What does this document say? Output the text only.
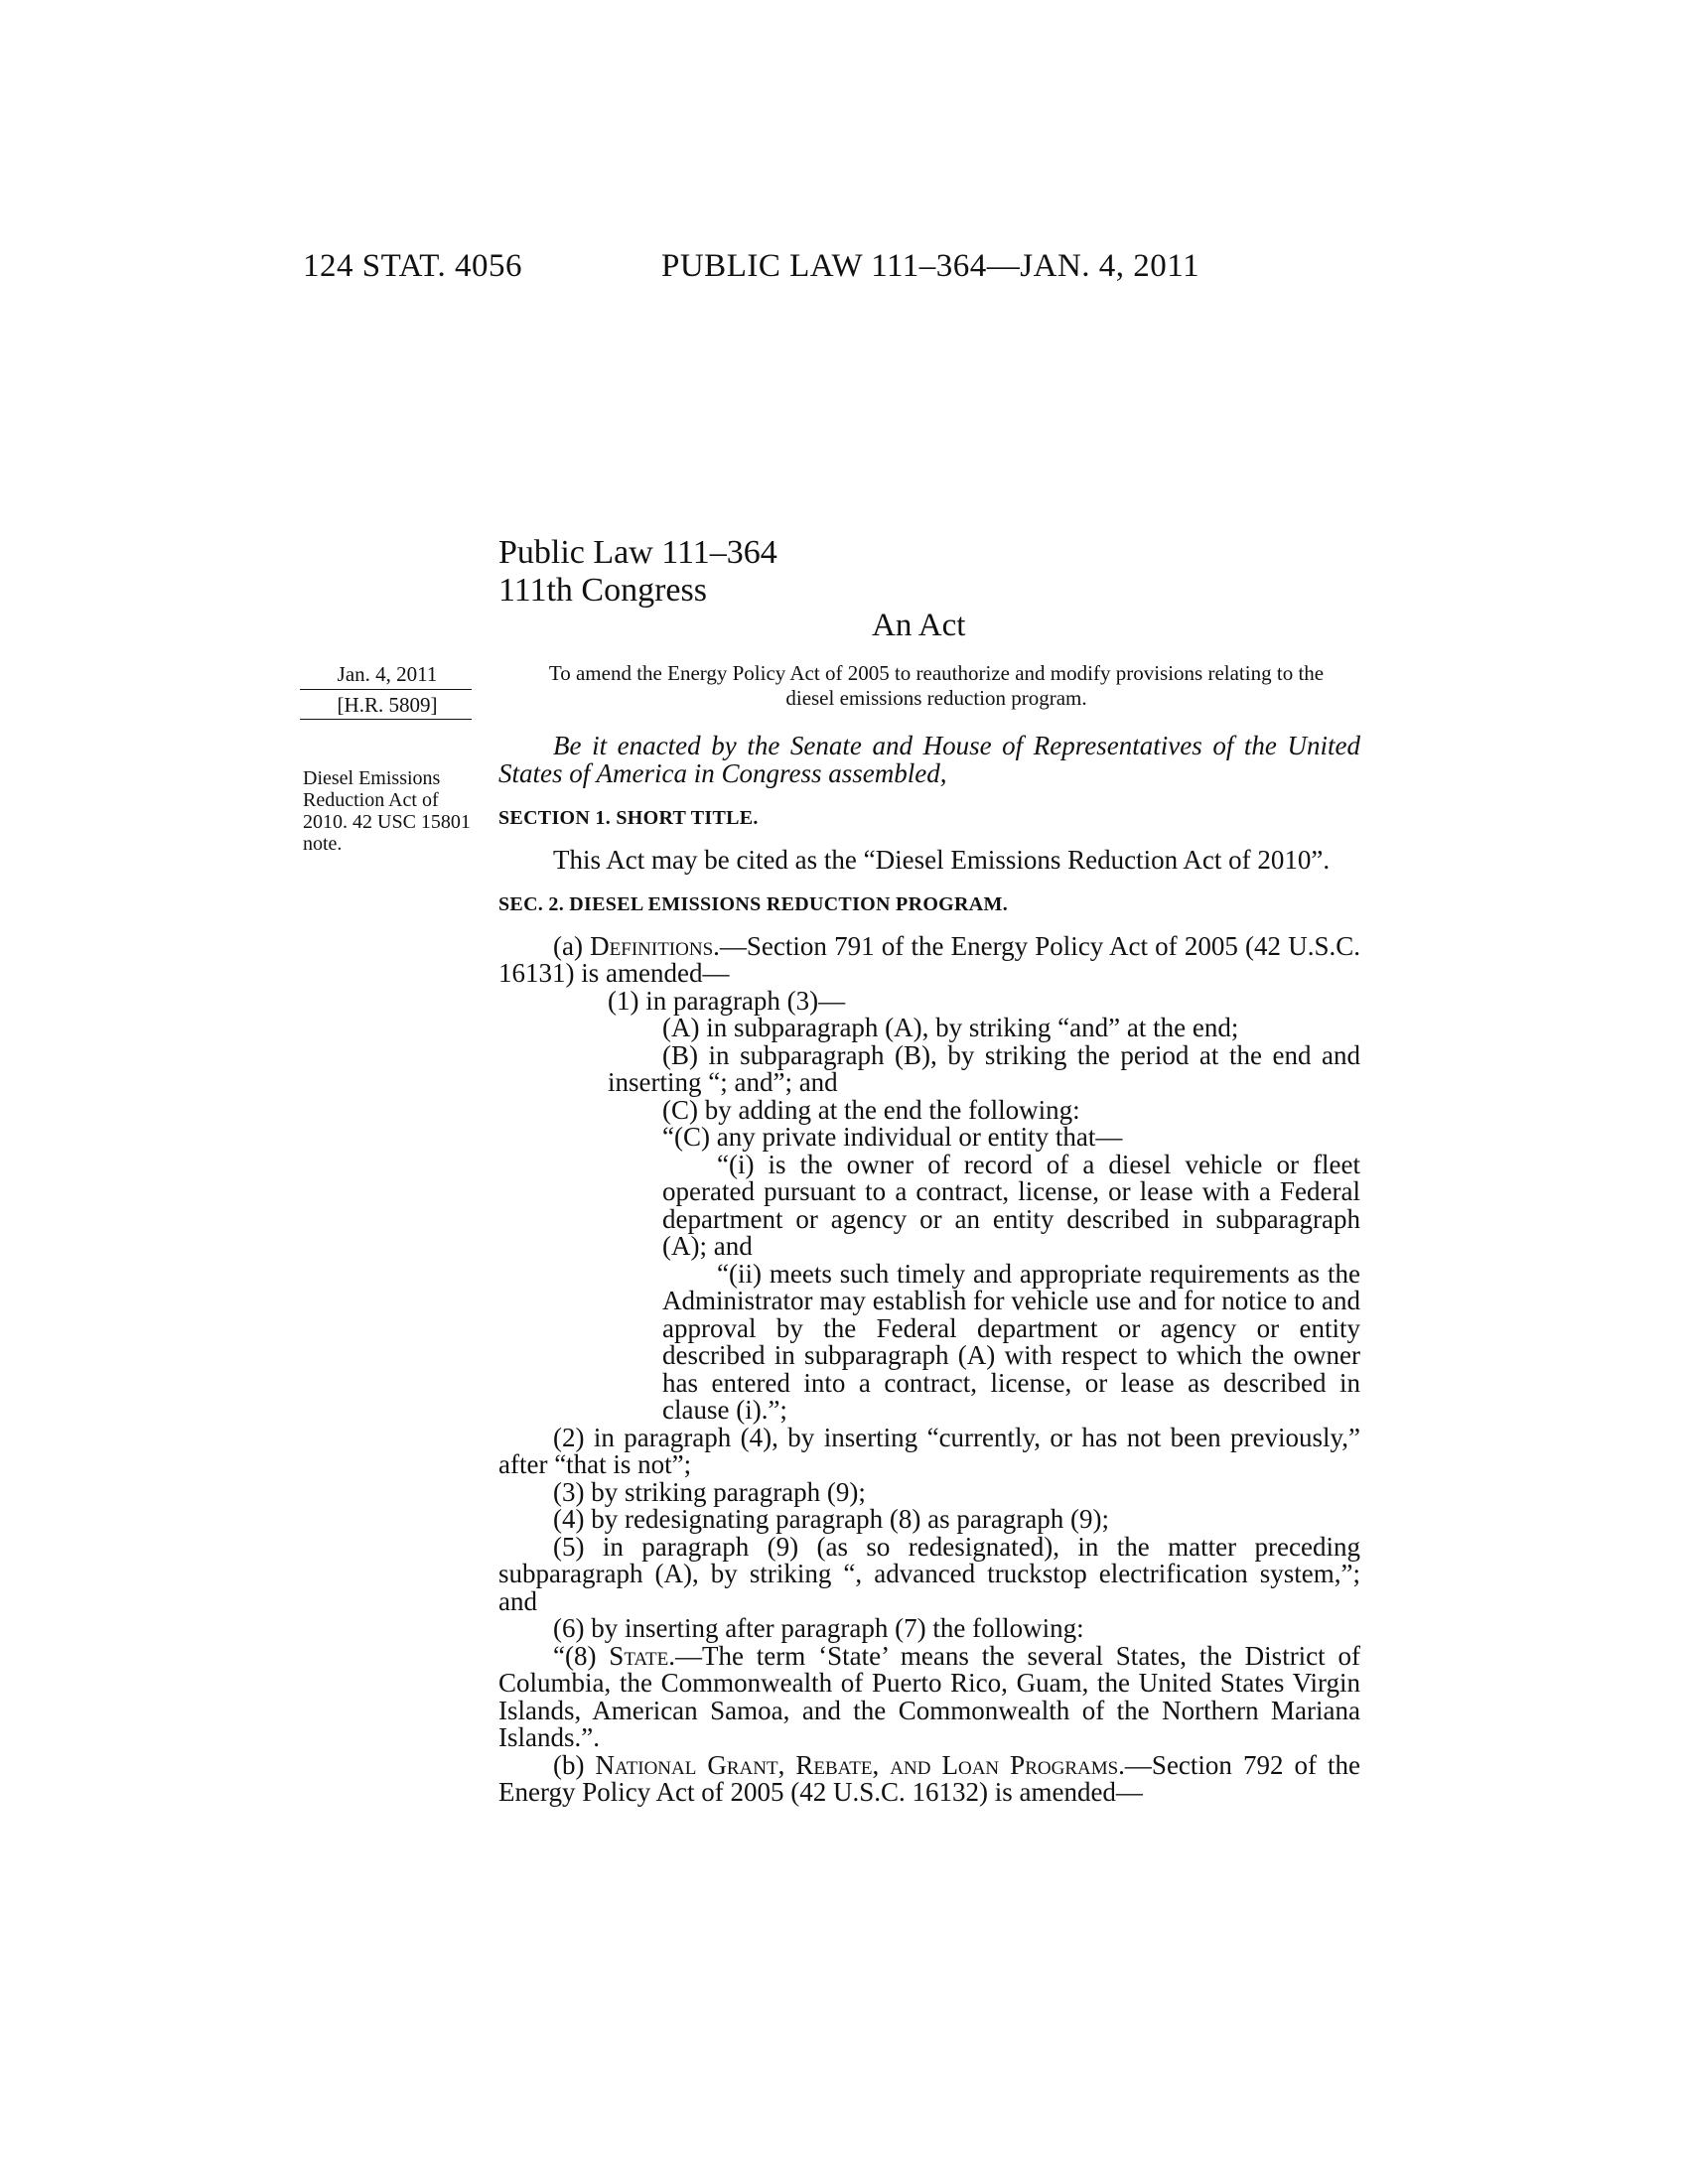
124 STAT. 4056	PUBLIC LAW 111–364—JAN. 4, 2011
Public Law 111–364
111th Congress
An Act
Jan. 4, 2011
[H.R. 5809]
Diesel Emissions Reduction Act of 2010. 42 USC 15801 note.
To amend the Energy Policy Act of 2005 to reauthorize and modify provisions relating to the diesel emissions reduction program.

Be it enacted by the Senate and House of Representatives of the United States of America in Congress assembled,

SECTION 1. SHORT TITLE.

This Act may be cited as the “Diesel Emissions Reduction Act of 2010”.

SEC. 2. DIESEL EMISSIONS REDUCTION PROGRAM.

(a) Definitions.—Section 791 of the Energy Policy Act of 2005 (42 U.S.C. 16131) is amended—

(1) in paragraph (3)—

(A) in subparagraph (A), by striking “and” at the end;

(B) in subparagraph (B), by striking the period at the end and inserting “; and”; and

(C) by adding at the end the following:

“(C) any private individual or entity that—

“(i) is the owner of record of a diesel vehicle or fleet operated pursuant to a contract, license, or lease with a Federal department or agency or an entity described in subparagraph (A); and

“(ii) meets such timely and appropriate requirements as the Administrator may establish for vehicle use and for notice to and approval by the Federal department or agency or entity described in subparagraph (A) with respect to which the owner has entered into a contract, license, or lease as described in clause (i).”;

(2) in paragraph (4), by inserting “currently, or has not been previously,” after “that is not”;

(3) by striking paragraph (9);

(4) by redesignating paragraph (8) as paragraph (9);

(5) in paragraph (9) (as so redesignated), in the matter preceding subparagraph (A), by striking “, advanced truckstop electrification system,”; and

(6) by inserting after paragraph (7) the following:

“(8) State.—The term ‘State’ means the several States, the District of Columbia, the Commonwealth of Puerto Rico, Guam, the United States Virgin Islands, American Samoa, and the Commonwealth of the Northern Mariana Islands.”.

(b) National Grant, Rebate, and Loan Programs.—Section 792 of the Energy Policy Act of 2005 (42 U.S.C. 16132) is amended—
